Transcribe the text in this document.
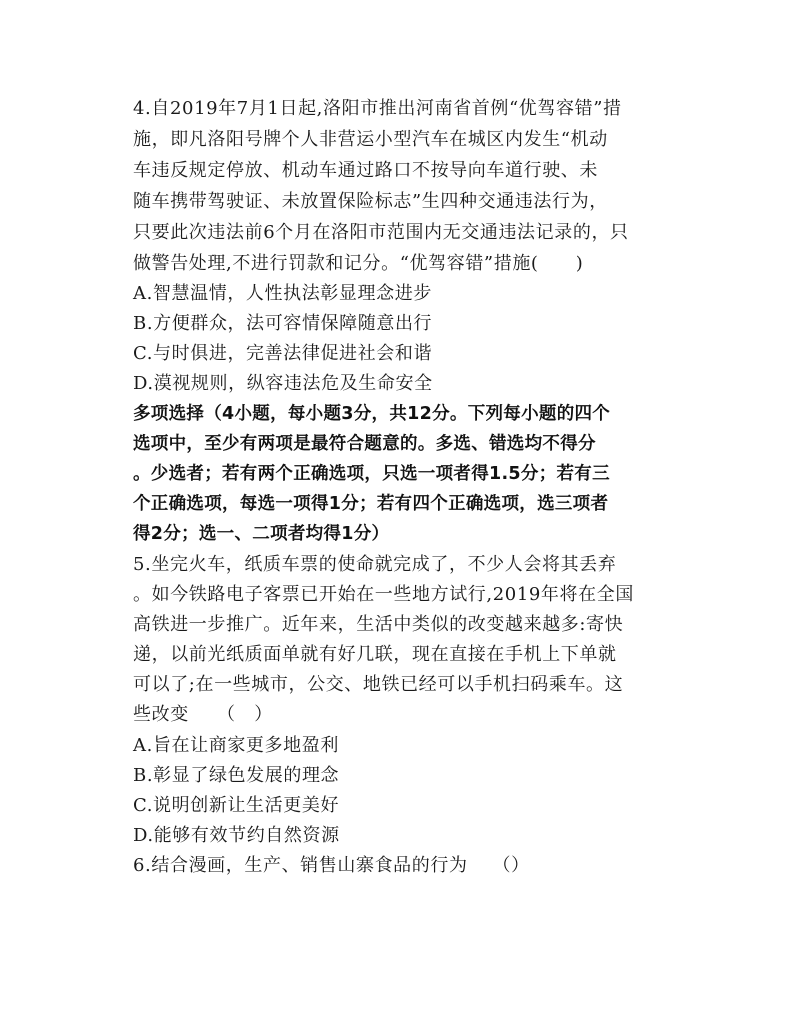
4.自2019年7月1日起,洛阳市推出河南省首例“优驾容错”措
施，即凡洛阳号牌个人非营运小型汽车在城区内发生“机动
车违反规定停放、机动车通过路口不按导向车道行驶、未
随车携带驾驶证、未放置保险标志”生四种交通违法行为，
只要此次违法前6个月在洛阳市范围内无交通违法记录的，只
做警告处理,不进行罚款和记分。“优驾容错”措施(　　)
A.智慧温情，人性执法彰显理念进步
B.方便群众，法可容情保障随意出行
C.与时俱进，完善法律促进社会和谐
D.漠视规则，纵容违法危及生命安全
多项选择（4小题，每小题3分，共12分。下列每小题的四个
选项中，至少有两项是最符合题意的。多选、错选均不得分
。少选者；若有两个正确选项，只选一项者得1.5分；若有三
个正确选项，每选一项得1分；若有四个正确选项，选三项者
得2分；选一、二项者均得1分）
5.坐完火车，纸质车票的使命就完成了，不少人会将其丢弃
。如今铁路电子客票已开始在一些地方试行,2019年将在全国
高铁进一步推广。近年来，生活中类似的改变越来越多:寄快
递，以前光纸质面单就有好几联，现在直接在手机上下单就
可以了;在一些城市，公交、地铁已经可以手机扫码乘车。这
些改变　　（　）
A.旨在让商家更多地盈利
B.彰显了绿色发展的理念
C.说明创新让生活更美好
D.能够有效节约自然资源
6.结合漫画，生产、销售山寨食品的行为　 （）
